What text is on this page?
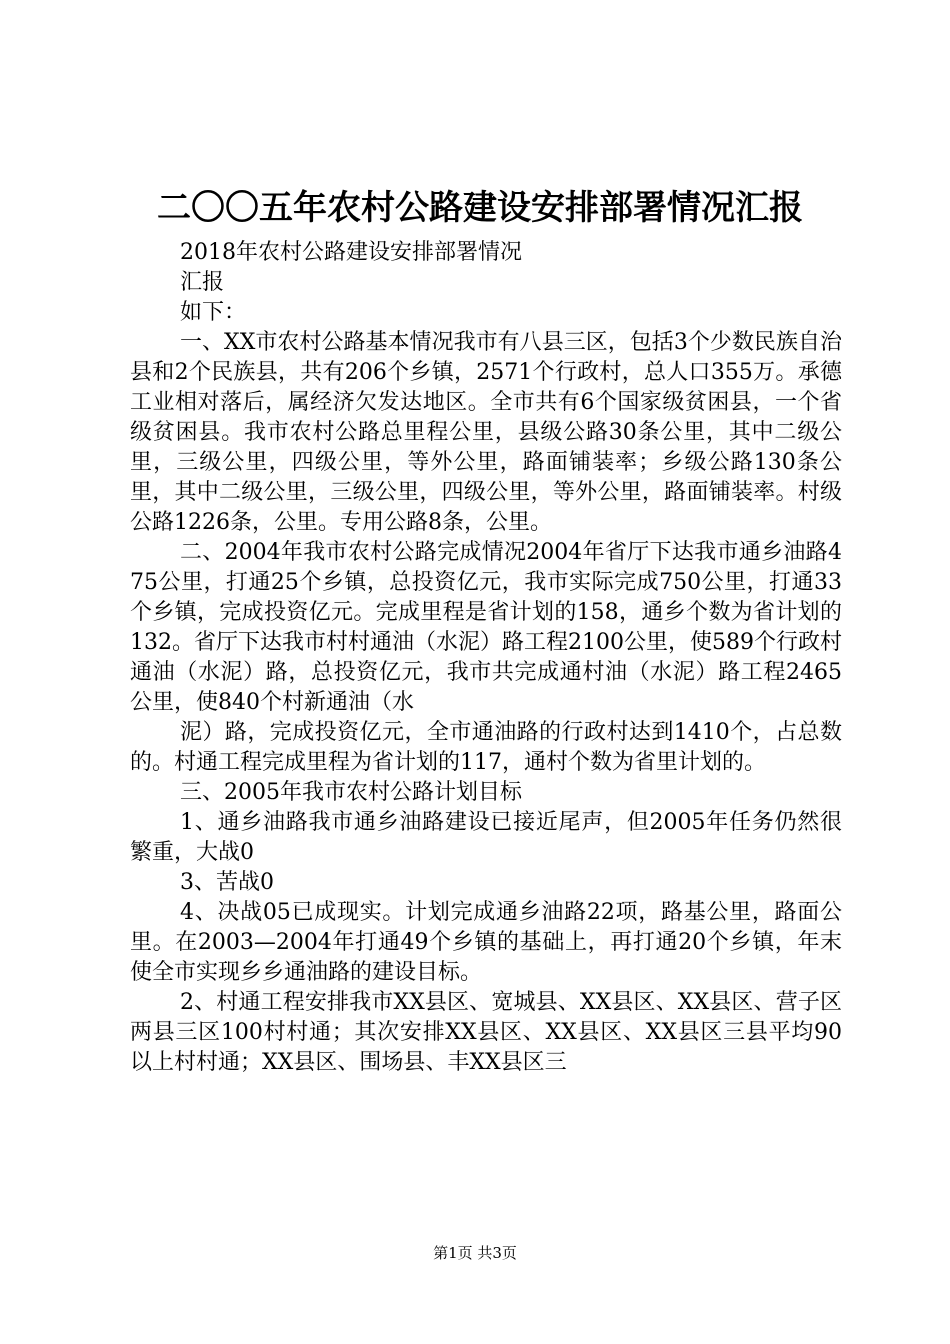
二〇〇五年农村公路建设安排部署情况汇报

2018年农村公路建设安排部署情况

汇报

如下：

一、XX市农村公路基本情况我市有八县三区，包括3个少数民族自治县和2个民族县，共有206个乡镇，2571个行政村，总人口355万。承德工业相对落后，属经济欠发达地区。全市共有6个国家级贫困县，一个省级贫困县。我市农村公路总里程公里，县级公路30条公里，其中二级公里，三级公里，四级公里，等外公里，路面铺装率；乡级公路130条公里，其中二级公里，三级公里，四级公里，等外公里，路面铺装率。村级公路1226条，公里。专用公路8条，公里。

二、2004年我市农村公路完成情况2004年省厅下达我市通乡油路475公里，打通25个乡镇，总投资亿元，我市实际完成750公里，打通33个乡镇，完成投资亿元。完成里程是省计划的158，通乡个数为省计划的132。省厅下达我市村村通油（水泥）路工程2100公里，使589个行政村通油（水泥）路，总投资亿元，我市共完成通村油（水泥）路工程2465公里，使840个村新通油（水

泥）路，完成投资亿元，全市通油路的行政村达到1410个，占总数的。村通工程完成里程为省计划的117，通村个数为省里计划的。

三、2005年我市农村公路计划目标

1、通乡油路我市通乡油路建设已接近尾声，但2005年任务仍然很繁重，大战0

3、苦战0

4、决战05已成现实。计划完成通乡油路22项，路基公里，路面公里。在2003—2004年打通49个乡镇的基础上，再打通20个乡镇，年末使全市实现乡乡通油路的建设目标。

2、村通工程安排我市XX县区、宽城县、XX县区、XX县区、营子区两县三区100村村通；其次安排XX县区、XX县区、XX县区三县平均90以上村村通；XX县区、围场县、丰XX县区三

第1页 共3页
